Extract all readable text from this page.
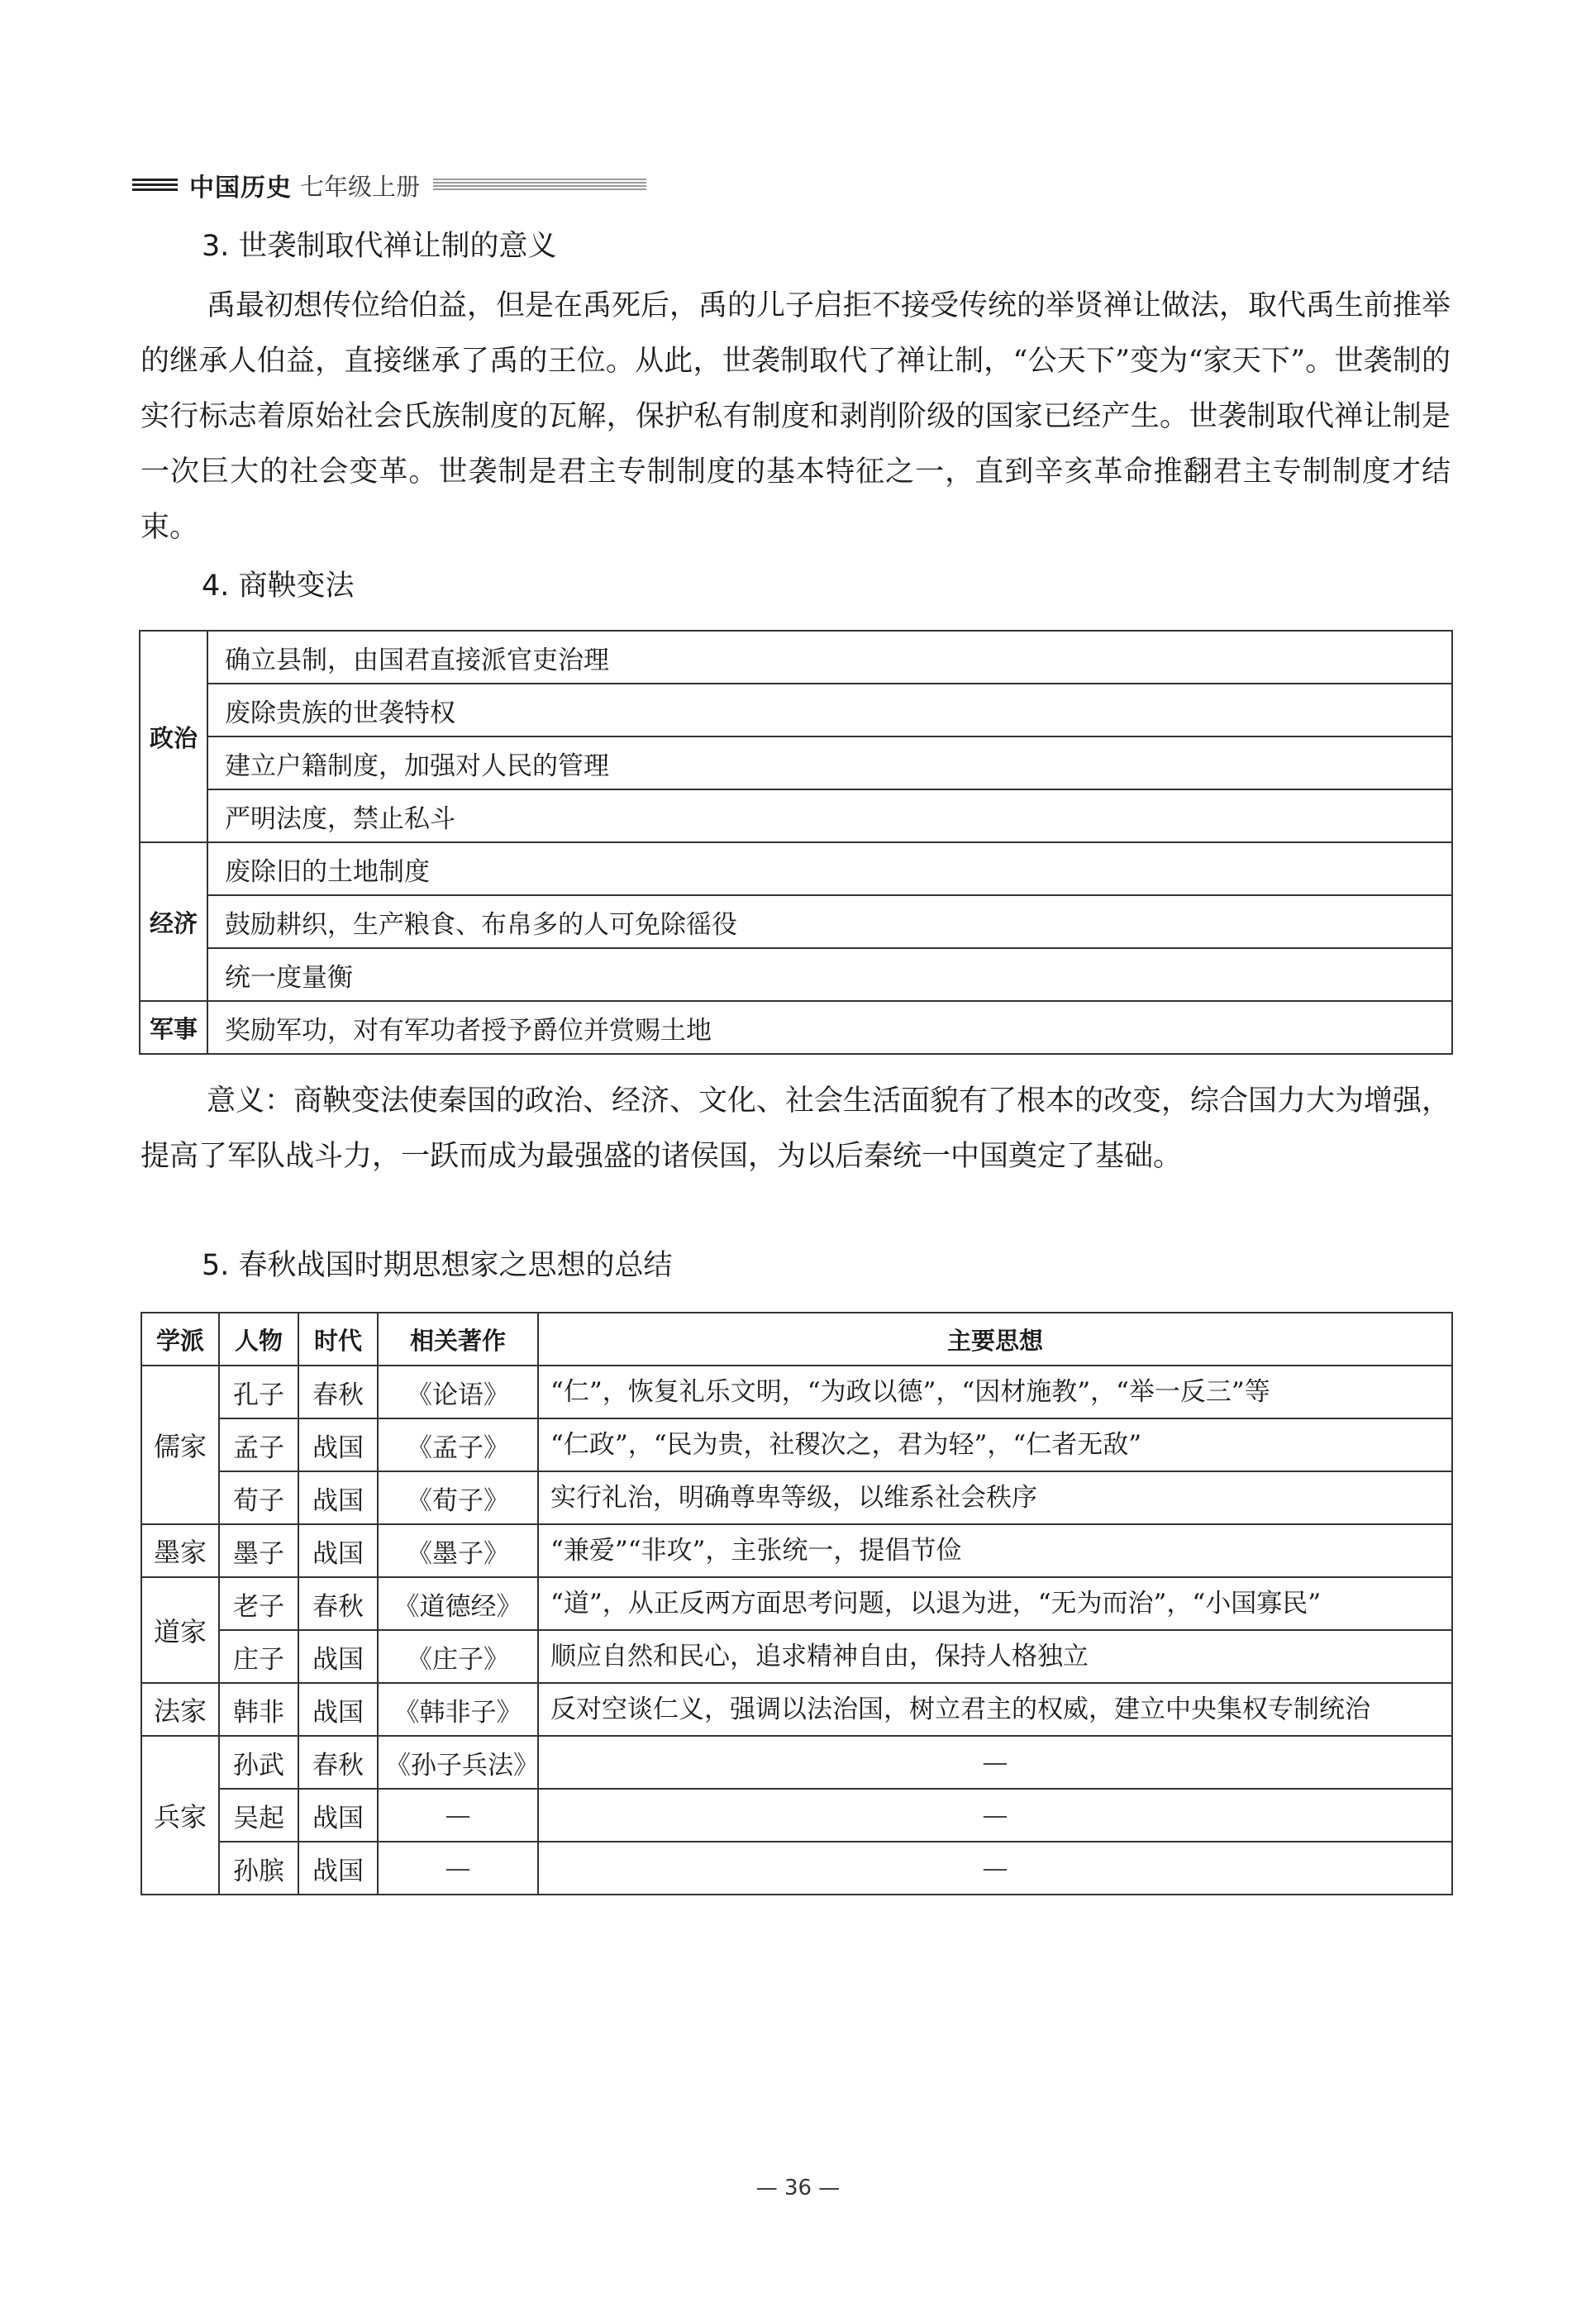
中国历史 七年级上册
3. 世袭制取代禅让制的意义
禹最初想传位给伯益，但是在禹死后，禹的儿子启拒不接受传统的举贤禅让做法，取代禹生前推举的继承人伯益，直接继承了禹的王位。从此，世袭制取代了禅让制，“公天下”变为“家天下”。世袭制的实行标志着原始社会氏族制度的瓦解，保护私有制度和剥削阶级的国家已经产生。世袭制取代禅让制是一次巨大的社会变革。世袭制是君主专制制度的基本特征之一，直到辛亥革命推翻君主专制制度才结束。
4. 商鞅变法
政治	确立县制，由国君直接派官吏治理
	废除贵族的世袭特权
	建立户籍制度，加强对人民的管理
	严明法度，禁止私斗
经济	废除旧的土地制度
	鼓励耕织，生产粮食、布帛多的人可免除徭役
	统一度量衡
军事	奖励军功，对有军功者授予爵位并赏赐土地
意义：商鞅变法使秦国的政治、经济、文化、社会生活面貌有了根本的改变，综合国力大为增强，提高了军队战斗力，一跃而成为最强盛的诸侯国，为以后秦统一中国奠定了基础。
5. 春秋战国时期思想家之思想的总结
学派	人物	时代	相关著作	主要思想
儒家	孔子	春秋	《论语》	“仁”，恢复礼乐文明，“为政以德”，“因材施教”，“举一反三”等
	孟子	战国	《孟子》	“仁政”，“民为贵，社稷次之，君为轻”，“仁者无敌”
	荀子	战国	《荀子》	实行礼治，明确尊卑等级，以维系社会秩序
墨家	墨子	战国	《墨子》	“兼爱”“非攻”，主张统一，提倡节俭
道家	老子	春秋	《道德经》	“道”，从正反两方面思考问题，以退为进，“无为而治”，“小国寡民”
	庄子	战国	《庄子》	顺应自然和民心，追求精神自由，保持人格独立
法家	韩非	战国	《韩非子》	反对空谈仁义，强调以法治国，树立君主的权威，建立中央集权专制统治
兵家	孙武	春秋	《孙子兵法》	—
	吴起	战国	—	—
	孙膑	战国	—	—
— 36 —
